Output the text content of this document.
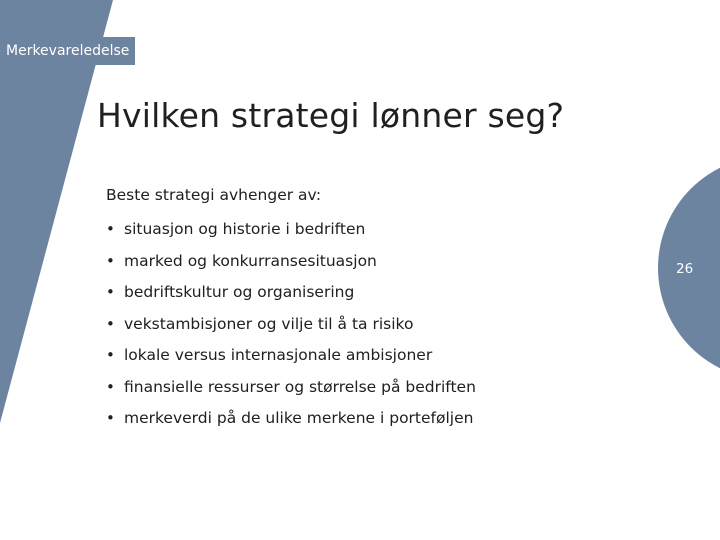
Merkevareledelse
Hvilken strategi lønner seg?

Beste strategi avhenger av:

• situasjon og historie i bedriften
• marked og konkurransesituasjon
• bedriftskultur og organisering
• vekstambisjoner og vilje til å ta risiko
• lokale versus internasjonale ambisjoner
• finansielle ressurser og størrelse på bedriften
• merkeverdi på de ulike merkene i porteføljen
26
